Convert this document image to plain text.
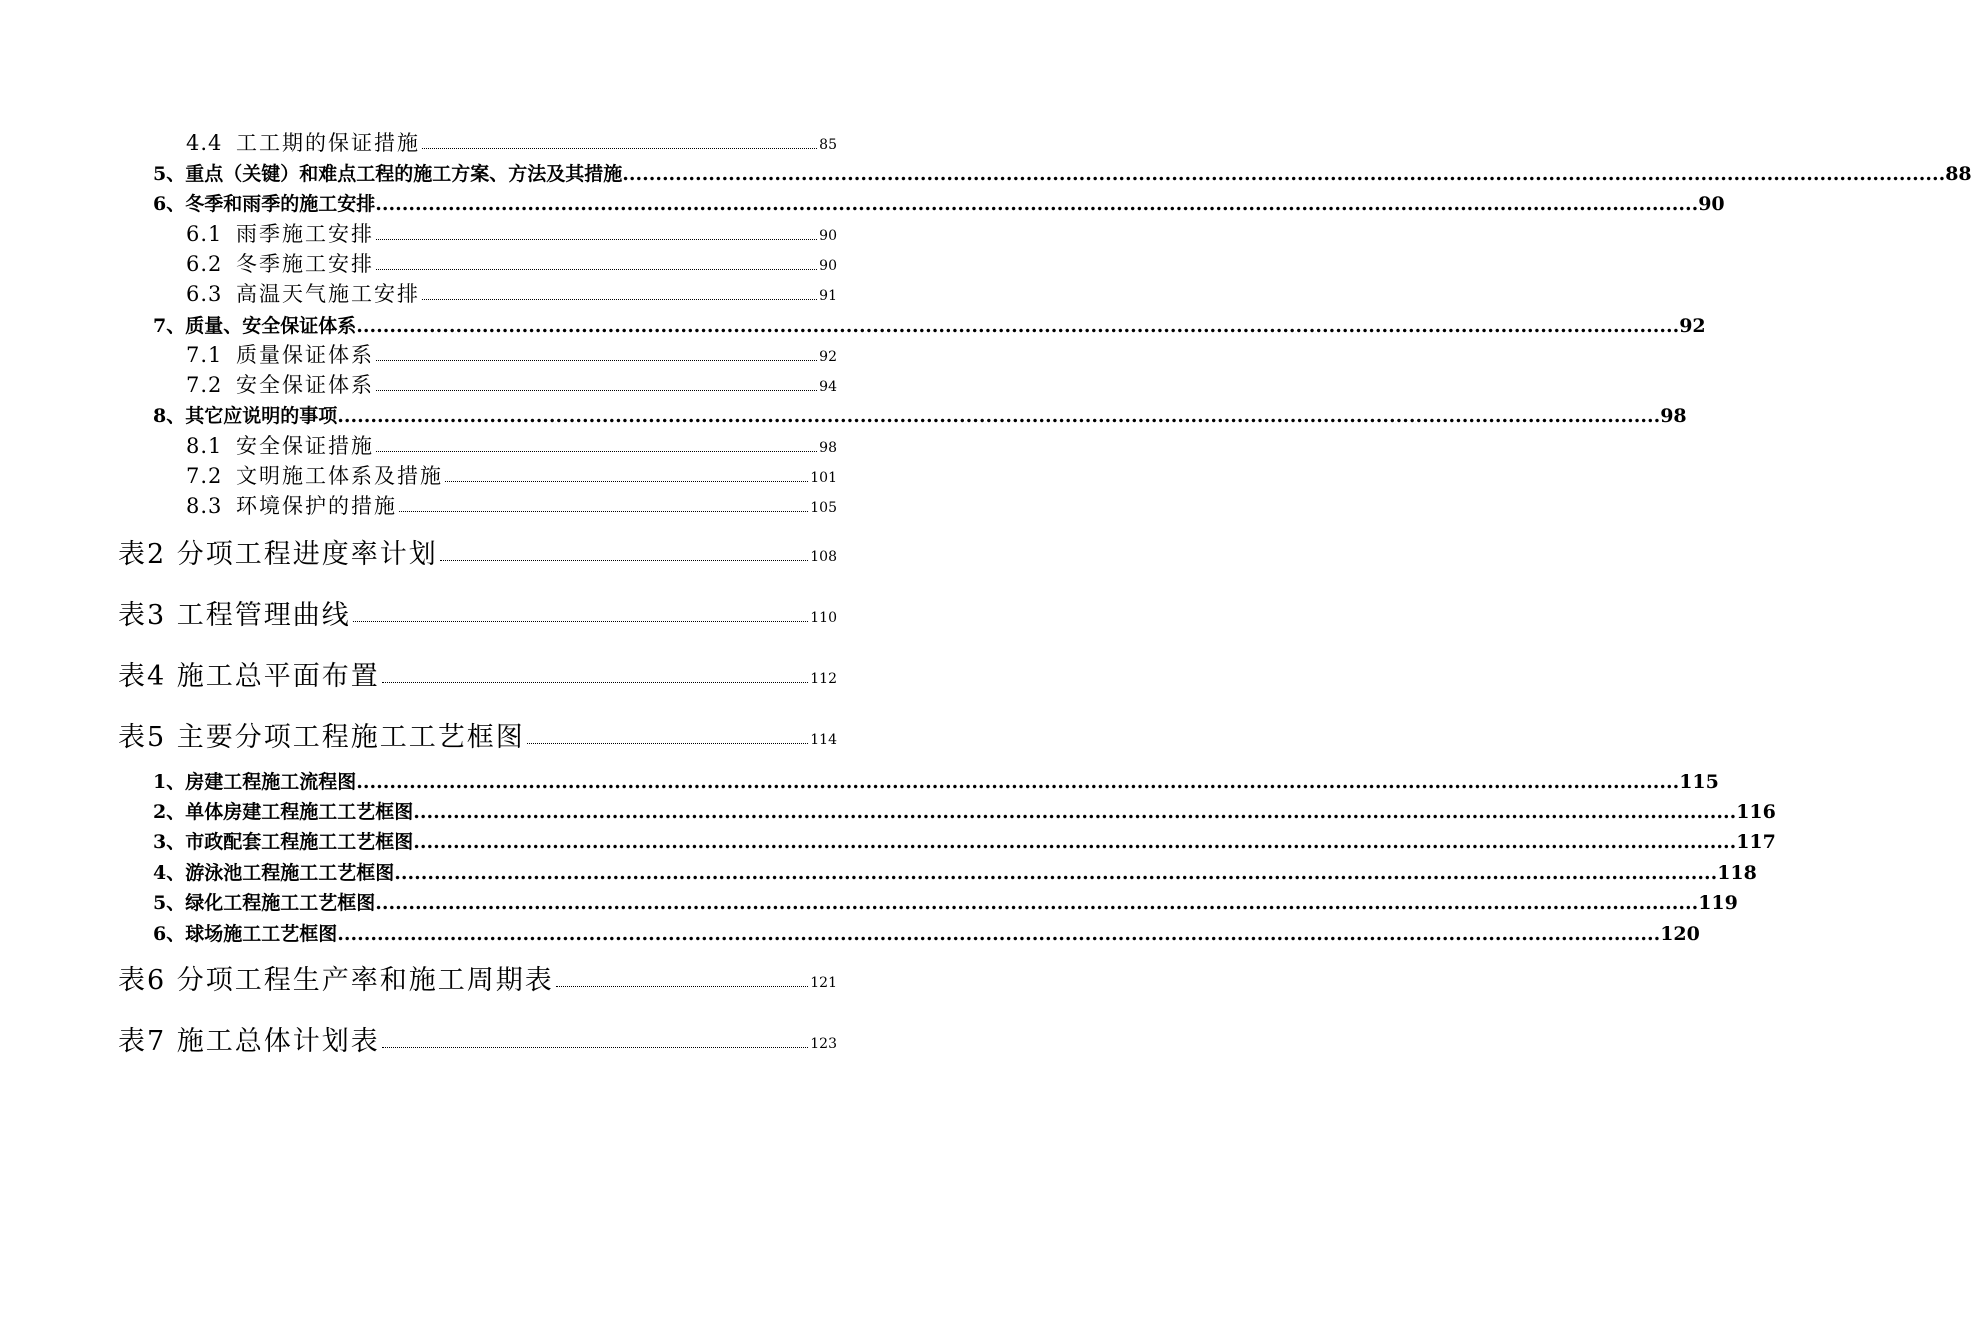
4.4 工工期的保证措施	85
5、重点（关键）和难点工程的施工方案、方法及其措施 ........................................................................................................................................................................................................ 88
6、冬季和雨季的施工安排 ........................................................................................................................................................................................................ 90
6.1 雨季施工安排	90
6.2 冬季施工安排	90
6.3 高温天气施工安排	91
7、质量、安全保证体系 ........................................................................................................................................................................................................ 92
7.1 质量保证体系	92
7.2 安全保证体系	94
8、其它应说明的事项 ........................................................................................................................................................................................................ 98
8.1 安全保证措施	98
7.2 文明施工体系及措施	101
8.3 环境保护的措施	105
表2 分项工程进度率计划	108
表3 工程管理曲线	110
表4 施工总平面布置	112
表5 主要分项工程施工工艺框图	114
1、房建工程施工流程图 ........................................................................................................................................................................................................ 115
2、单体房建工程施工工艺框图 ........................................................................................................................................................................................................ 116
3、市政配套工程施工工艺框图 ........................................................................................................................................................................................................ 117
4、游泳池工程施工工艺框图 ........................................................................................................................................................................................................ 118
5、绿化工程施工工艺框图 ........................................................................................................................................................................................................ 119
6、球场施工工艺框图 ........................................................................................................................................................................................................ 120
表6 分项工程生产率和施工周期表	121
表7 施工总体计划表	123
